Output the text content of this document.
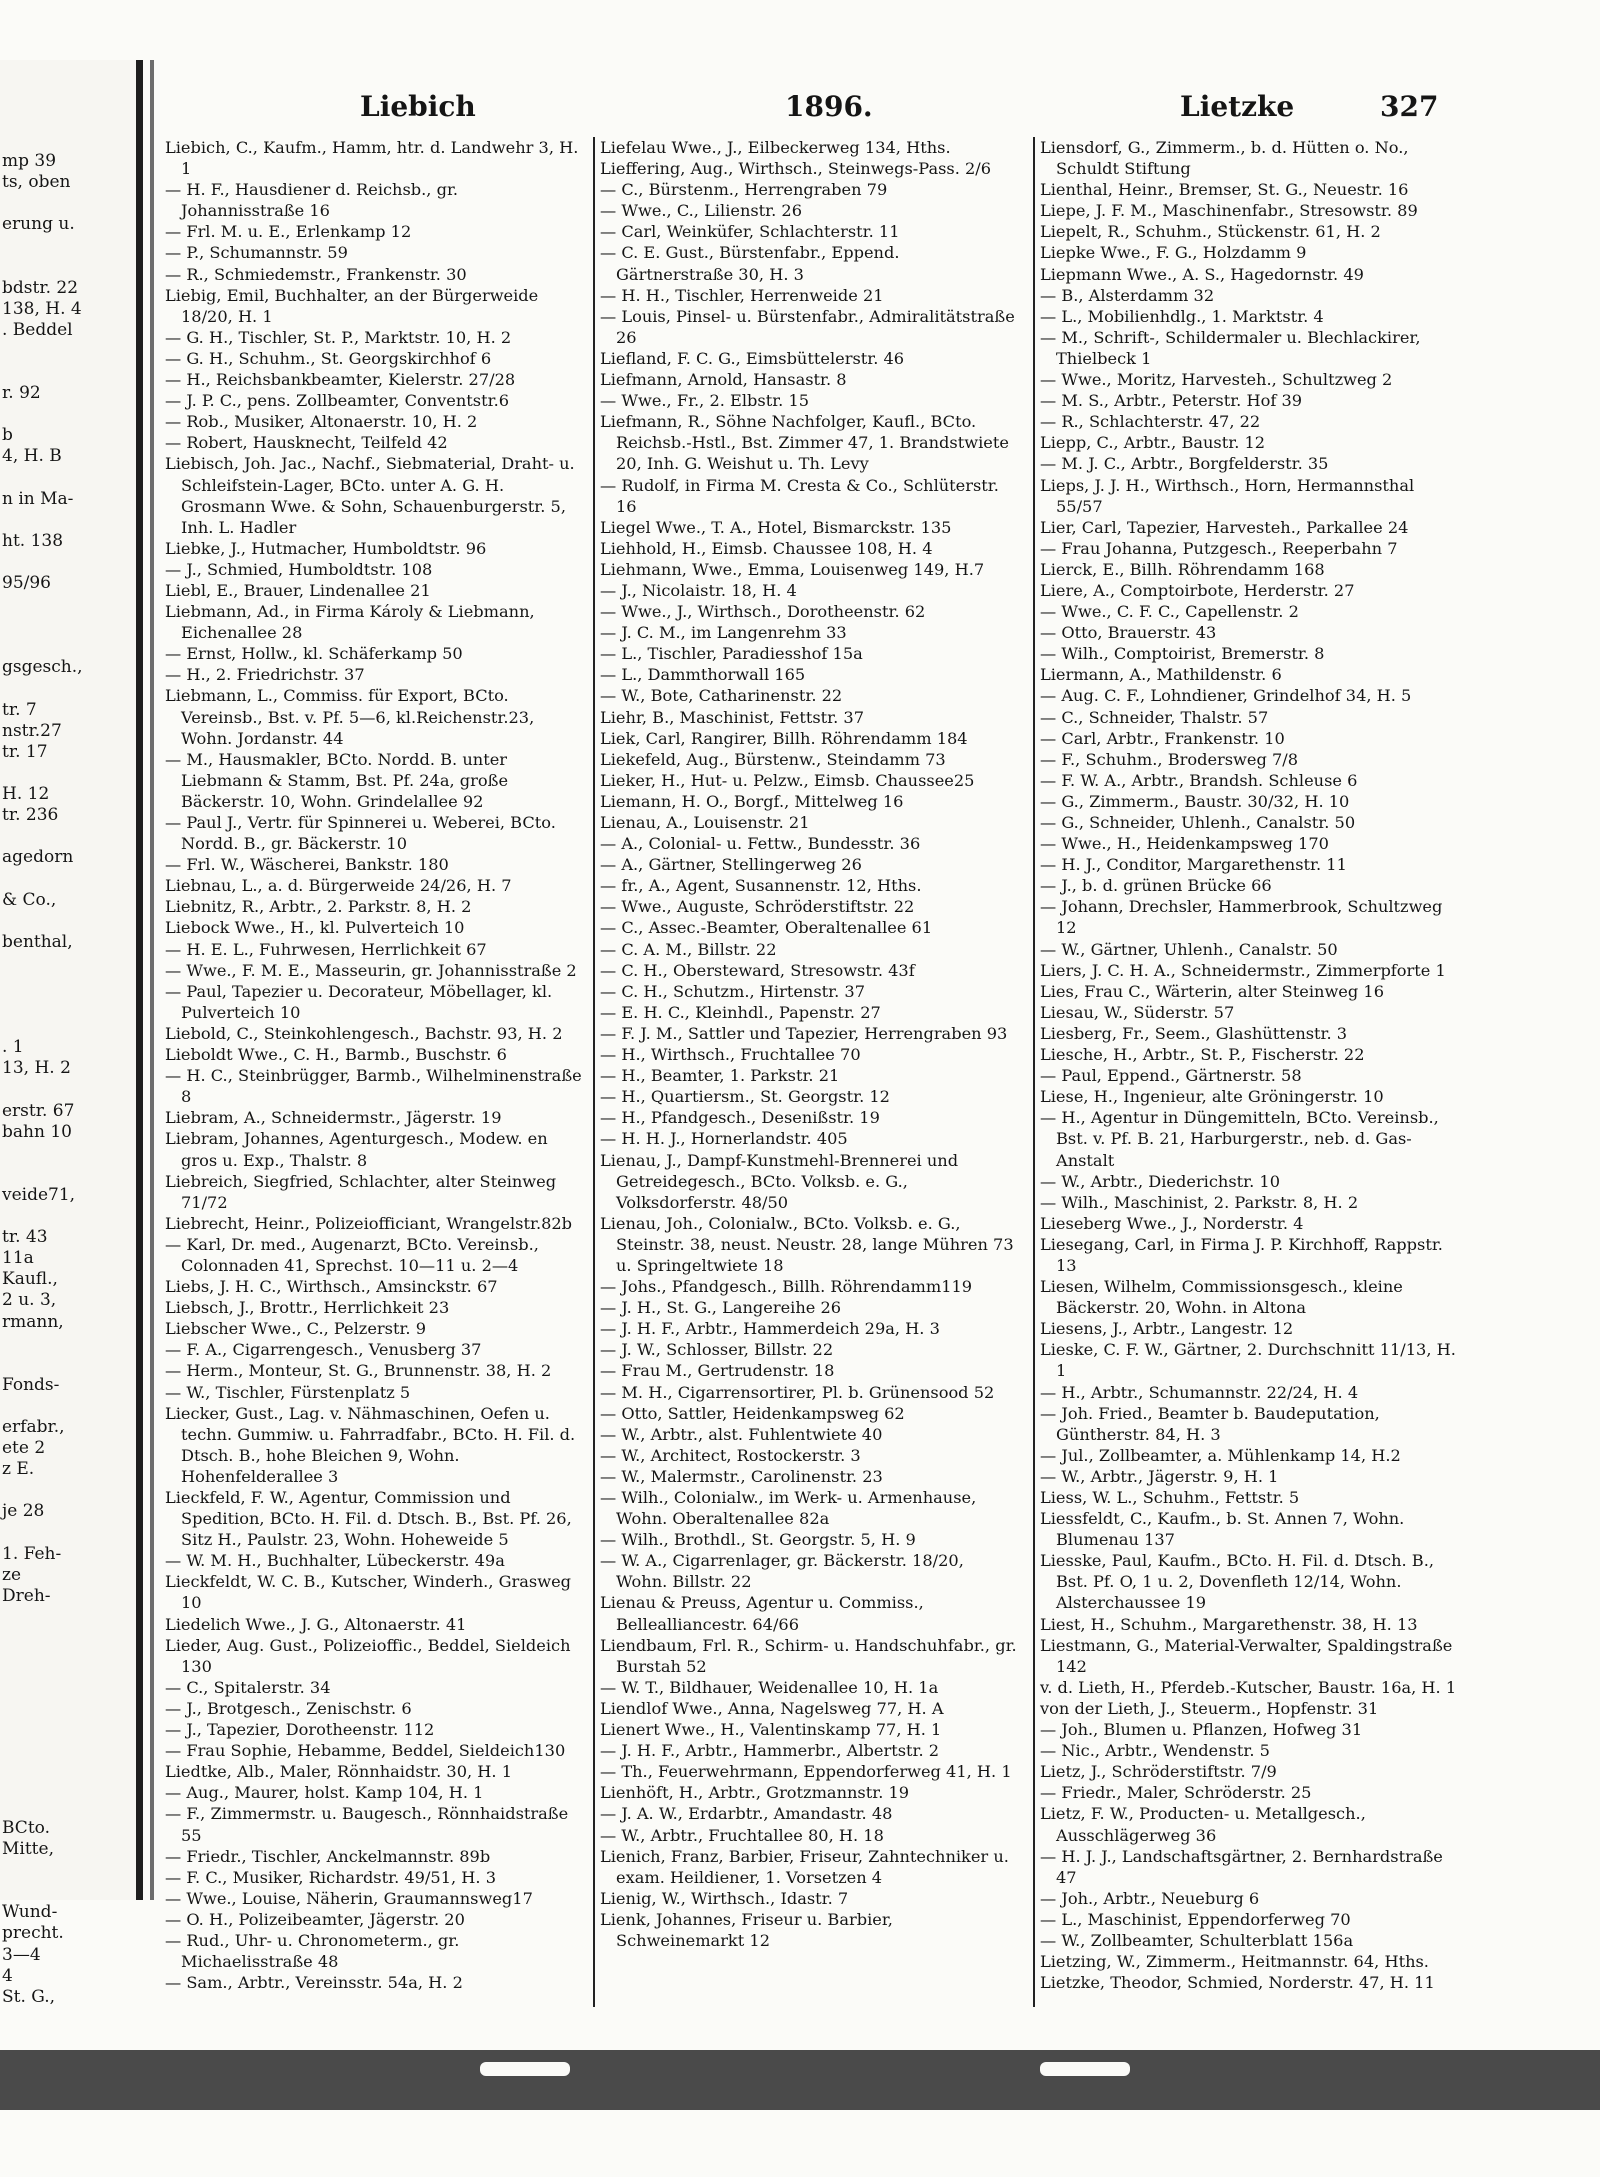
mp 39
ts, oben
erung u.
bdstr. 22
138, H. 4
. Beddel
r. 92
b
4, H. B
n in Ma-
ht. 138
95/96
gsgesch.,
tr. 7
nstr.27
tr. 17
H. 12
tr. 236
agedorn
& Co.,
benthal,
. 1
13, H. 2
erstr. 67
bahn 10
veide71,
tr. 43
11a
Kaufl.,
2 u. 3,
rmann,
Fonds-
erfabr.,
ete 2
z E.
je 28
1. Feh-
ze
Dreh-
BCto.
Mitte,
Wund-
precht.
3—4
4
St. G.,
Liebich	1896.	Lietzke	327

Liebich, C., Kaufm., Hamm, htr. d. Landwehr 3, H. 1

— H. F., Hausdiener d. Reichsb., gr. Johannisstraße 16

— Frl. M. u. E., Erlenkamp 12

— P., Schumannstr. 59

— R., Schmiedemstr., Frankenstr. 30

Liebig, Emil, Buchhalter, an der Bürgerweide 18/20, H. 1

— G. H., Tischler, St. P., Marktstr. 10, H. 2

— G. H., Schuhm., St. Georgskirchhof 6

— H., Reichsbankbeamter, Kielerstr. 27/28

— J. P. C., pens. Zollbeamter, Conventstr.6

— Rob., Musiker, Altonaerstr. 10, H. 2

— Robert, Hausknecht, Teilfeld 42

Liebisch, Joh. Jac., Nachf., Siebmaterial, Draht- u. Schleifstein-Lager, BCto. unter A. G. H. Grosmann Wwe. & Sohn, Schauenburgerstr. 5, Inh. L. Hadler

Liebke, J., Hutmacher, Humboldtstr. 96

— J., Schmied, Humboldtstr. 108

Liebl, E., Brauer, Lindenallee 21

Liebmann, Ad., in Firma Károly & Liebmann, Eichenallee 28

— Ernst, Hollw., kl. Schäferkamp 50

— H., 2. Friedrichstr. 37

Liebmann, L., Commiss. für Export, BCto. Vereinsb., Bst. v. Pf. 5—6, kl.Reichenstr.23, Wohn. Jordanstr. 44

— M., Hausmakler, BCto. Nordd. B. unter Liebmann & Stamm, Bst. Pf. 24a, große Bäckerstr. 10, Wohn. Grindelallee 92

— Paul J., Vertr. für Spinnerei u. Weberei, BCto. Nordd. B., gr. Bäckerstr. 10

— Frl. W., Wäscherei, Bankstr. 180

Liebnau, L., a. d. Bürgerweide 24/26, H. 7

Liebnitz, R., Arbtr., 2. Parkstr. 8, H. 2

Liebock Wwe., H., kl. Pulverteich 10

— H. E. L., Fuhrwesen, Herrlichkeit 67

— Wwe., F. M. E., Masseurin, gr. Johannisstraße 2

— Paul, Tapezier u. Decorateur, Möbellager, kl. Pulverteich 10

Liebold, C., Steinkohlengesch., Bachstr. 93, H. 2

Lieboldt Wwe., C. H., Barmb., Buschstr. 6

— H. C., Steinbrügger, Barmb., Wilhelminenstraße 8

Liebram, A., Schneidermstr., Jägerstr. 19

Liebram, Johannes, Agenturgesch., Modew. en gros u. Exp., Thalstr. 8

Liebreich, Siegfried, Schlachter, alter Steinweg 71/72

Liebrecht, Heinr., Polizeiofficiant, Wrangelstr.82b

— Karl, Dr. med., Augenarzt, BCto. Vereinsb., Colonnaden 41, Sprechst. 10—11 u. 2—4

Liebs, J. H. C., Wirthsch., Amsinckstr. 67

Liebsch, J., Brottr., Herrlichkeit 23

Liebscher Wwe., C., Pelzerstr. 9

— F. A., Cigarrengesch., Venusberg 37

— Herm., Monteur, St. G., Brunnenstr. 38, H. 2

— W., Tischler, Fürstenplatz 5

Liecker, Gust., Lag. v. Nähmaschinen, Oefen u. techn. Gummiw. u. Fahrradfabr., BCto. H. Fil. d. Dtsch. B., hohe Bleichen 9, Wohn. Hohenfelderallee 3

Lieckfeld, F. W., Agentur, Commission und Spedition, BCto. H. Fil. d. Dtsch. B., Bst. Pf. 26, Sitz H., Paulstr. 23, Wohn. Hoheweide 5

— W. M. H., Buchhalter, Lübeckerstr. 49a

Lieckfeldt, W. C. B., Kutscher, Winderh., Grasweg 10

Liedelich Wwe., J. G., Altonaerstr. 41

Lieder, Aug. Gust., Polizeioffic., Beddel, Sieldeich 130

— C., Spitalerstr. 34

— J., Brotgesch., Zenischstr. 6

— J., Tapezier, Dorotheenstr. 112

— Frau Sophie, Hebamme, Beddel, Sieldeich130

Liedtke, Alb., Maler, Rönnhaidstr. 30, H. 1

— Aug., Maurer, holst. Kamp 104, H. 1

— F., Zimmermstr. u. Baugesch., Rönnhaidstraße 55

— Friedr., Tischler, Anckelmannstr. 89b

— F. C., Musiker, Richardstr. 49/51, H. 3

— Wwe., Louise, Näherin, Graumannsweg17

— O. H., Polizeibeamter, Jägerstr. 20

— Rud., Uhr- u. Chronometerm., gr. Michaelisstraße 48

— Sam., Arbtr., Vereinsstr. 54a, H. 2

Liefelau Wwe., J., Eilbeckerweg 134, Hths.

Lieffering, Aug., Wirthsch., Steinwegs-Pass. 2/6

— C., Bürstenm., Herrengraben 79

— Wwe., C., Lilienstr. 26

— Carl, Weinküfer, Schlachterstr. 11

— C. E. Gust., Bürstenfabr., Eppend. Gärtnerstraße 30, H. 3

— H. H., Tischler, Herrenweide 21

— Louis, Pinsel- u. Bürstenfabr., Admiralitätstraße 26

Liefland, F. C. G., Eimsbüttelerstr. 46

Liefmann, Arnold, Hansastr. 8

— Wwe., Fr., 2. Elbstr. 15

Liefmann, R., Söhne Nachfolger, Kaufl., BCto. Reichsb.-Hstl., Bst. Zimmer 47, 1. Brandstwiete 20, Inh. G. Weishut u. Th. Levy

— Rudolf, in Firma M. Cresta & Co., Schlüterstr. 16

Liegel Wwe., T. A., Hotel, Bismarckstr. 135

Liehhold, H., Eimsb. Chaussee 108, H. 4

Liehmann, Wwe., Emma, Louisenweg 149, H.7

— J., Nicolaistr. 18, H. 4

— Wwe., J., Wirthsch., Dorotheenstr. 62

— J. C. M., im Langenrehm 33

— L., Tischler, Paradiesshof 15a

— L., Dammthorwall 165

— W., Bote, Catharinenstr. 22

Liehr, B., Maschinist, Fettstr. 37

Liek, Carl, Rangirer, Billh. Röhrendamm 184

Liekefeld, Aug., Bürstenw., Steindamm 73

Lieker, H., Hut- u. Pelzw., Eimsb. Chaussee25

Liemann, H. O., Borgf., Mittelweg 16

Lienau, A., Louisenstr. 21

— A., Colonial- u. Fettw., Bundesstr. 36

— A., Gärtner, Stellingerweg 26

— fr., A., Agent, Susannenstr. 12, Hths.

— Wwe., Auguste, Schröderstiftstr. 22

— C., Assec.-Beamter, Oberaltenallee 61

— C. A. M., Billstr. 22

— C. H., Obersteward, Stresowstr. 43f

— C. H., Schutzm., Hirtenstr. 37

— E. H. C., Kleinhdl., Papenstr. 27

— F. J. M., Sattler und Tapezier, Herrengraben 93

— H., Wirthsch., Fruchtallee 70

— H., Beamter, 1. Parkstr. 21

— H., Quartiersm., St. Georgstr. 12

— H., Pfandgesch., Desenißstr. 19

— H. H. J., Hornerlandstr. 405

Lienau, J., Dampf-Kunstmehl-Brennerei und Getreidegesch., BCto. Volksb. e. G., Volksdorferstr. 48/50

Lienau, Joh., Colonialw., BCto. Volksb. e. G., Steinstr. 38, neust. Neustr. 28, lange Mühren 73 u. Springeltwiete 18

— Johs., Pfandgesch., Billh. Röhrendamm119

— J. H., St. G., Langereihe 26

— J. H. F., Arbtr., Hammerdeich 29a, H. 3

— J. W., Schlosser, Billstr. 22

— Frau M., Gertrudenstr. 18

— M. H., Cigarrensortirer, Pl. b. Grünensood 52

— Otto, Sattler, Heidenkampsweg 62

— W., Arbtr., alst. Fuhlentwiete 40

— W., Architect, Rostockerstr. 3

— W., Malermstr., Carolinenstr. 23

— Wilh., Colonialw., im Werk- u. Armenhause, Wohn. Oberaltenallee 82a

— Wilh., Brothdl., St. Georgstr. 5, H. 9

— W. A., Cigarrenlager, gr. Bäckerstr. 18/20, Wohn. Billstr. 22

Lienau & Preuss, Agentur u. Commiss., Bellealliancestr. 64/66

Liendbaum, Frl. R., Schirm- u. Handschuhfabr., gr. Burstah 52

— W. T., Bildhauer, Weidenallee 10, H. 1a

Liendlof Wwe., Anna, Nagelsweg 77, H. A

Lienert Wwe., H., Valentinskamp 77, H. 1

— J. H. F., Arbtr., Hammerbr., Albertstr. 2

— Th., Feuerwehrmann, Eppendorferweg 41, H. 1

Lienhöft, H., Arbtr., Grotzmannstr. 19

— J. A. W., Erdarbtr., Amandastr. 48

— W., Arbtr., Fruchtallee 80, H. 18

Lienich, Franz, Barbier, Friseur, Zahntechniker u. exam. Heildiener, 1. Vorsetzen 4

Lienig, W., Wirthsch., Idastr. 7

Lienk, Johannes, Friseur u. Barbier, Schweinemarkt 12

Liensdorf, G., Zimmerm., b. d. Hütten o. No., Schuldt Stiftung

Lienthal, Heinr., Bremser, St. G., Neuestr. 16

Liepe, J. F. M., Maschinenfabr., Stresowstr. 89

Liepelt, R., Schuhm., Stückenstr. 61, H. 2

Liepke Wwe., F. G., Holzdamm 9

Liepmann Wwe., A. S., Hagedornstr. 49

— B., Alsterdamm 32

— L., Mobilienhdlg., 1. Marktstr. 4

— M., Schrift-, Schildermaler u. Blechlackirer, Thielbeck 1

— Wwe., Moritz, Harvestеh., Schultzweg 2

— M. S., Arbtr., Peterstr. Hof 39

— R., Schlachterstr. 47, 22

Liepp, C., Arbtr., Baustr. 12

— M. J. C., Arbtr., Borgfelderstr. 35

Lieps, J. J. H., Wirthsch., Horn, Hermannsthal 55/57

Lier, Carl, Tapezier, Harvesteh., Parkallee 24

— Frau Johanna, Putzgesch., Reeperbahn 7

Lierck, E., Billh. Röhrendamm 168

Liere, A., Comptoirbote, Herderstr. 27

— Wwe., C. F. C., Capellenstr. 2

— Otto, Brauerstr. 43

— Wilh., Comptoirist, Bremerstr. 8

Liermann, A., Mathildenstr. 6

— Aug. C. F., Lohndiener, Grindelhof 34, H. 5

— C., Schneider, Thalstr. 57

— Carl, Arbtr., Frankenstr. 10

— F., Schuhm., Brodersweg 7/8

— F. W. A., Arbtr., Brandsh. Schleuse 6

— G., Zimmerm., Baustr. 30/32, H. 10

— G., Schneider, Uhlenh., Canalstr. 50

— Wwe., H., Heidenkampsweg 170

— H. J., Conditor, Margarethenstr. 11

— J., b. d. grünen Brücke 66

— Johann, Drechsler, Hammerbrook, Schultzweg 12

— W., Gärtner, Uhlenh., Canalstr. 50

Liers, J. C. H. A., Schneidermstr., Zimmerpforte 1

Lies, Frau C., Wärterin, alter Steinweg 16

Liesau, W., Süderstr. 57

Liesberg, Fr., Seem., Glashüttenstr. 3

Liesche, H., Arbtr., St. P., Fischerstr. 22

— Paul, Eppend., Gärtnerstr. 58

Liese, H., Ingenieur, alte Gröningerstr. 10

— H., Agentur in Düngemitteln, BCto. Vereinsb., Bst. v. Pf. B. 21, Harburgerstr., neb. d. Gas-Anstalt

— W., Arbtr., Diederichstr. 10

— Wilh., Maschinist, 2. Parkstr. 8, H. 2

Lieseberg Wwe., J., Norderstr. 4

Liesegang, Carl, in Firma J. P. Kirchhoff, Rappstr. 13

Liesen, Wilhelm, Commissionsgesch., kleine Bäckerstr. 20, Wohn. in Altona

Liesens, J., Arbtr., Langestr. 12

Lieske, C. F. W., Gärtner, 2. Durchschnitt 11/13, H. 1

— H., Arbtr., Schumannstr. 22/24, H. 4

— Joh. Fried., Beamter b. Baudeputation, Güntherstr. 84, H. 3

— Jul., Zollbeamter, a. Mühlenkamp 14, H.2

— W., Arbtr., Jägerstr. 9, H. 1

Liess, W. L., Schuhm., Fettstr. 5

Liessfeldt, C., Kaufm., b. St. Annen 7, Wohn. Blumenau 137

Liesske, Paul, Kaufm., BCto. H. Fil. d. Dtsch. B., Bst. Pf. O, 1 u. 2, Dovenfleth 12/14, Wohn. Alsterchaussee 19

Liest, H., Schuhm., Margarethenstr. 38, H. 13

Liestmann, G., Material-Verwalter, Spaldingstraße 142

v. d. Lieth, H., Pferdeb.-Kutscher, Baustr. 16a, H. 1

von der Lieth, J., Steuerm., Hopfenstr. 31

— Joh., Blumen u. Pflanzen, Hofweg 31

— Nic., Arbtr., Wendenstr. 5

Lietz, J., Schröderstiftstr. 7/9

— Friedr., Maler, Schröderstr. 25

Lietz, F. W., Producten- u. Metallgesch., Ausschlägerweg 36

— H. J. J., Landschaftsgärtner, 2. Bernhardstraße 47

— Joh., Arbtr., Neueburg 6

— L., Maschinist, Eppendorferweg 70

— W., Zollbeamter, Schulterblatt 156a

Lietzing, W., Zimmerm., Heitmannstr. 64, Hths.

Lietzke, Theodor, Schmied, Norderstr. 47, H. 11
